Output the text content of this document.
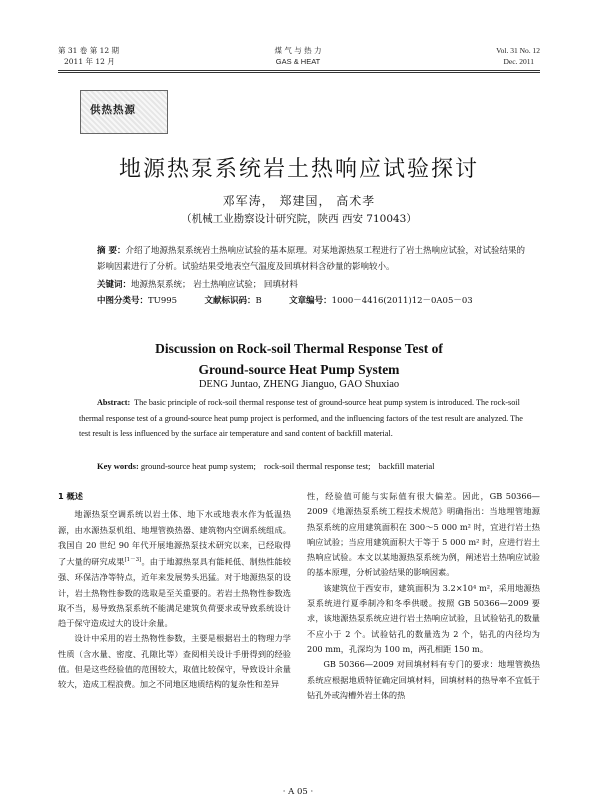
第 31 卷 第 12 期
2011 年 12 月
煤 气 与 热 力
GAS & HEAT
Vol. 31 No. 12
Dec. 2011
供热热源
地源热泵系统岩土热响应试验探讨
邓军涛， 郑建国， 高术孝
（机械工业勘察设计研究院，陕西 西安 710043）
摘 要：介绍了地源热泵系统岩土热响应试验的基本原理。对某地源热泵工程进行了岩土热响应试验，对试验结果的影响因素进行了分析。试验结果受地表空气温度及回填材料含砂量的影响较小。
关键词：地源热泵系统； 岩土热响应试验； 回填材料
中图分类号：TU995	文献标识码：B	文章编号：1000－4416(2011)12－0A05－03
Discussion on Rock-soil Thermal Response Test of
Ground-source Heat Pump System
DENG Juntao, ZHENG Jianguo, GAO Shuxiao
Abstract: The basic principle of rock-soil thermal response test of ground-source heat pump system is introduced. The rock-soil thermal response test of a ground-source heat pump project is performed, and the influencing factors of the test result are analyzed. The test result is less influenced by the surface air temperature and sand content of backfill material.
Key words: ground-source heat pump system; rock-soil thermal response test; backfill material

1 概述

地源热泵空调系统以岩土体、地下水或地表水作为低温热源，由水源热泵机组、地埋管换热器、建筑物内空调系统组成。我国自 20 世纪 90 年代开展地源热泵技术研究以来，已经取得了大量的研究成果[1－3]。由于地源热泵具有能耗低、制热性能较强、环保洁净等特点，近年来发展势头迅猛。对于地源热泵的设计，岩土热物性参数的选取是至关重要的。若岩土热物性参数选取不当，易导致热泵系统不能满足建筑负荷要求或导致系统设计趋于保守造成过大的设计余量。

设计中采用的岩土热物性参数，主要是根据岩土的物理力学性质（含水量、密度、孔隙比等）查阅相关设计手册得到的经验值。但是这些经验值的范围较大，取值比较保守，导致设计余量较大，造成工程浪费。加之不同地区地质结构的复杂性和差异

性，经验值可能与实际值有很大偏差。因此，GB 50366—2009《地源热泵系统工程技术规范》明确指出：当地埋管地源热泵系统的应用建筑面积在 300～5 000 m² 时，宜进行岩土热响应试验；当应用建筑面积大于等于 5 000 m² 时，应进行岩土热响应试验。本文以某地源热泵系统为例，阐述岩土热响应试验的基本原理，分析试验结果的影响因素。

该建筑位于西安市，建筑面积为 3.2×10⁴ m²，采用地源热泵系统进行夏季制冷和冬季供暖。按照 GB 50366—2009 要求，该地源热泵系统应进行岩土热响应试验，且试验钻孔的数量不应小于 2 个。试验钻孔的数量选为 2 个，钻孔的内径均为 200 mm，孔深均为 100 m，两孔相距 150 m。

GB 50366—2009 对回填材料有专门的要求：地埋管换热系统应根据地质特征确定回填材料，回填材料的热导率不宜低于钻孔外或沟槽外岩土体的热

· A 05 ·
